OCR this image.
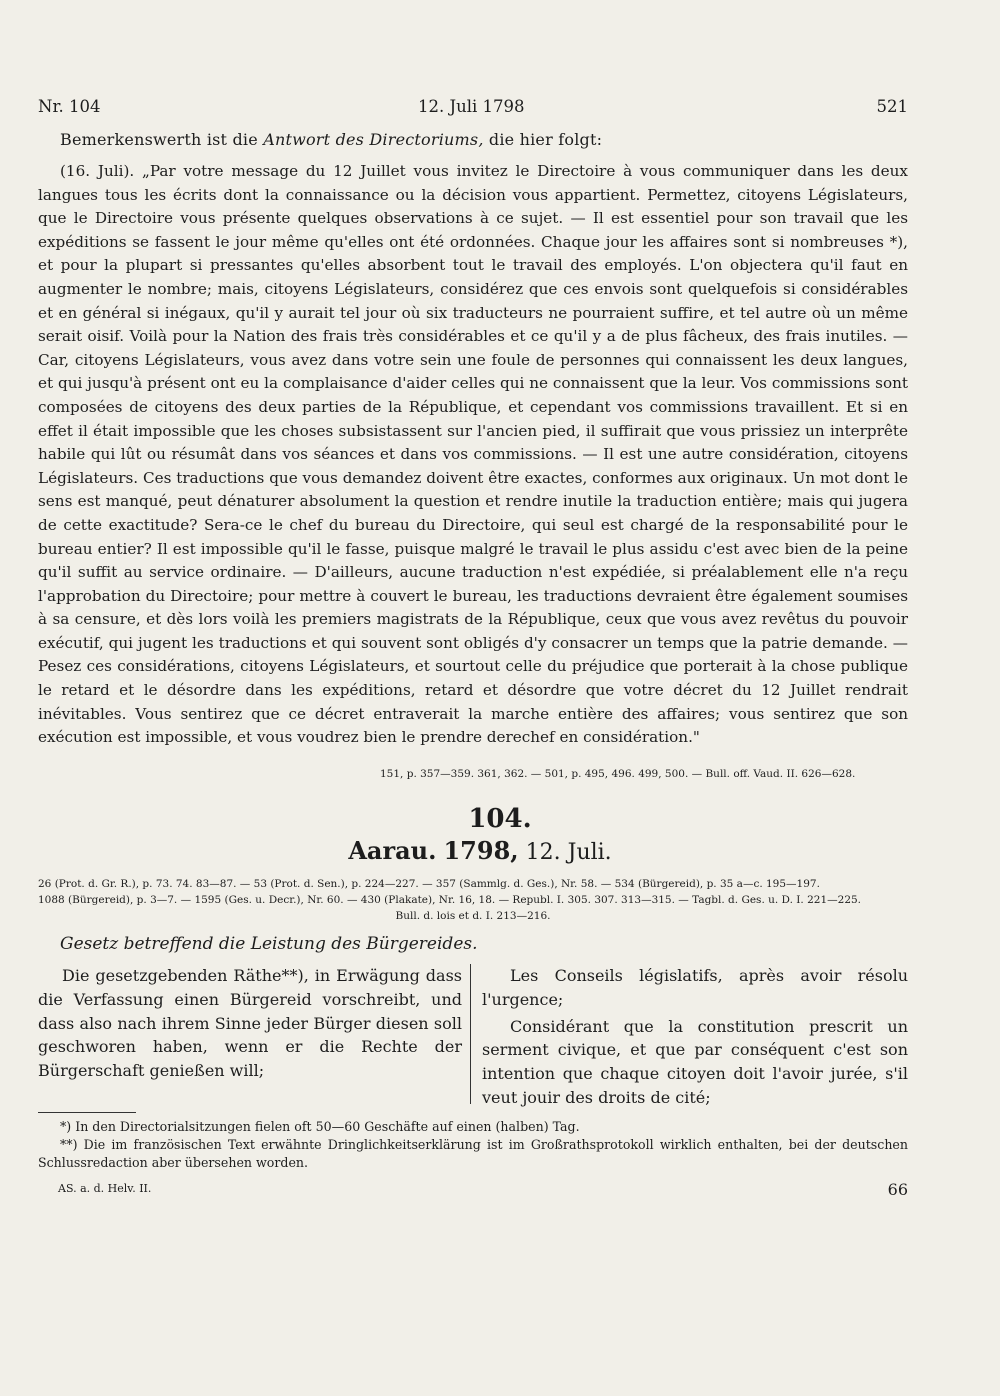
Nr. 104	12. Juli 1798	521
Bemerkenswerth ist die Antwort des Directoriums, die hier folgt:

(16. Juli). „Par votre message du 12 Juillet vous invitez le Directoire à vous communiquer dans les deux langues tous les écrits dont la connaissance ou la décision vous appartient. Permettez, citoyens Législateurs, que le Directoire vous présente quelques observations à ce sujet. — Il est essentiel pour son travail que les expéditions se fassent le jour même qu'elles ont été ordonnées. Chaque jour les affaires sont si nombreuses *), et pour la plupart si pressantes qu'elles absorbent tout le travail des employés. L'on objectera qu'il faut en augmenter le nombre; mais, citoyens Législateurs, considérez que ces envois sont quelquefois si considérables et en général si inégaux, qu'il y aurait tel jour où six traducteurs ne pourraient suffire, et tel autre où un même serait oisif. Voilà pour la Nation des frais très considérables et ce qu'il y a de plus fâcheux, des frais inutiles. — Car, citoyens Législateurs, vous avez dans votre sein une foule de personnes qui connaissent les deux langues, et qui jusqu'à présent ont eu la complaisance d'aider celles qui ne connaissent que la leur. Vos commissions sont composées de citoyens des deux parties de la République, et cependant vos commissions travaillent. Et si en effet il était impossible que les choses subsistassent sur l'ancien pied, il suffirait que vous prissiez un interprête habile qui lût ou résumât dans vos séances et dans vos commissions. — Il est une autre considération, citoyens Législateurs. Ces traductions que vous demandez doivent être exactes, conformes aux originaux. Un mot dont le sens est manqué, peut dénaturer absolument la question et rendre inutile la traduction entière; mais qui jugera de cette exactitude? Sera-ce le chef du bureau du Directoire, qui seul est chargé de la responsabilité pour le bureau entier? Il est impossible qu'il le fasse, puisque malgré le travail le plus assidu c'est avec bien de la peine qu'il suffit au service ordinaire. — D'ailleurs, aucune traduction n'est expédiée, si préalablement elle n'a reçu l'approbation du Directoire; pour mettre à couvert le bureau, les traductions devraient être également soumises à sa censure, et dès lors voilà les premiers magistrats de la République, ceux que vous avez revêtus du pouvoir exécutif, qui jugent les traductions et qui souvent sont obligés d'y consacrer un temps que la patrie demande. — Pesez ces considérations, citoyens Législateurs, et sourtout celle du préjudice que porterait à la chose publique le retard et le désordre dans les expéditions, retard et désordre que votre décret du 12 Juillet rendrait inévitables. Vous sentirez que ce décret entraverait la marche entière des affaires; vous sentirez que son exécution est impossible, et vous voudrez bien le prendre derechef en considération."

151, p. 357—359. 361, 362. — 501, p. 495, 496. 499, 500. — Bull. off. Vaud. II. 626—628.
104.
Aarau. 1798, 12. Juli.
26 (Prot. d. Gr. R.), p. 73. 74. 83—87. — 53 (Prot. d. Sen.), p. 224—227. — 357 (Sammlg. d. Ges.), Nr. 58. — 534 (Bürgereid), p. 35 a—c. 195—197.
1088 (Bürgereid), p. 3—7. — 1595 (Ges. u. Decr.), Nr. 60. — 430 (Plakate), Nr. 16, 18. — Republ. I. 305. 307. 313—315. — Tagbl. d. Ges. u. D. I. 221—225.
Bull. d. lois et d. I. 213—216.
Gesetz betreffend die Leistung des Bürgereides.

Die gesetzgebenden Räthe**), in Erwägung dass die Verfassung einen Bürgereid vorschreibt, und dass also nach ihrem Sinne jeder Bürger diesen soll geschworen haben, wenn er die Rechte der Bürgerschaft genießen will;

Les Conseils législatifs, après avoir résolu l'urgence;

Considérant que la constitution prescrit un serment civique, et que par conséquent c'est son intention que chaque citoyen doit l'avoir jurée, s'il veut jouir des droits de cité;

*) In den Directorialsitzungen fielen oft 50—60 Geschäfte auf einen (halben) Tag.

**) Die im französischen Text erwähnte Dringlichkeitserklärung ist im Großrathsprotokoll wirklich enthalten, bei der deutschen Schlussredaction aber übersehen worden.

AS. a. d. Helv. II.	66
